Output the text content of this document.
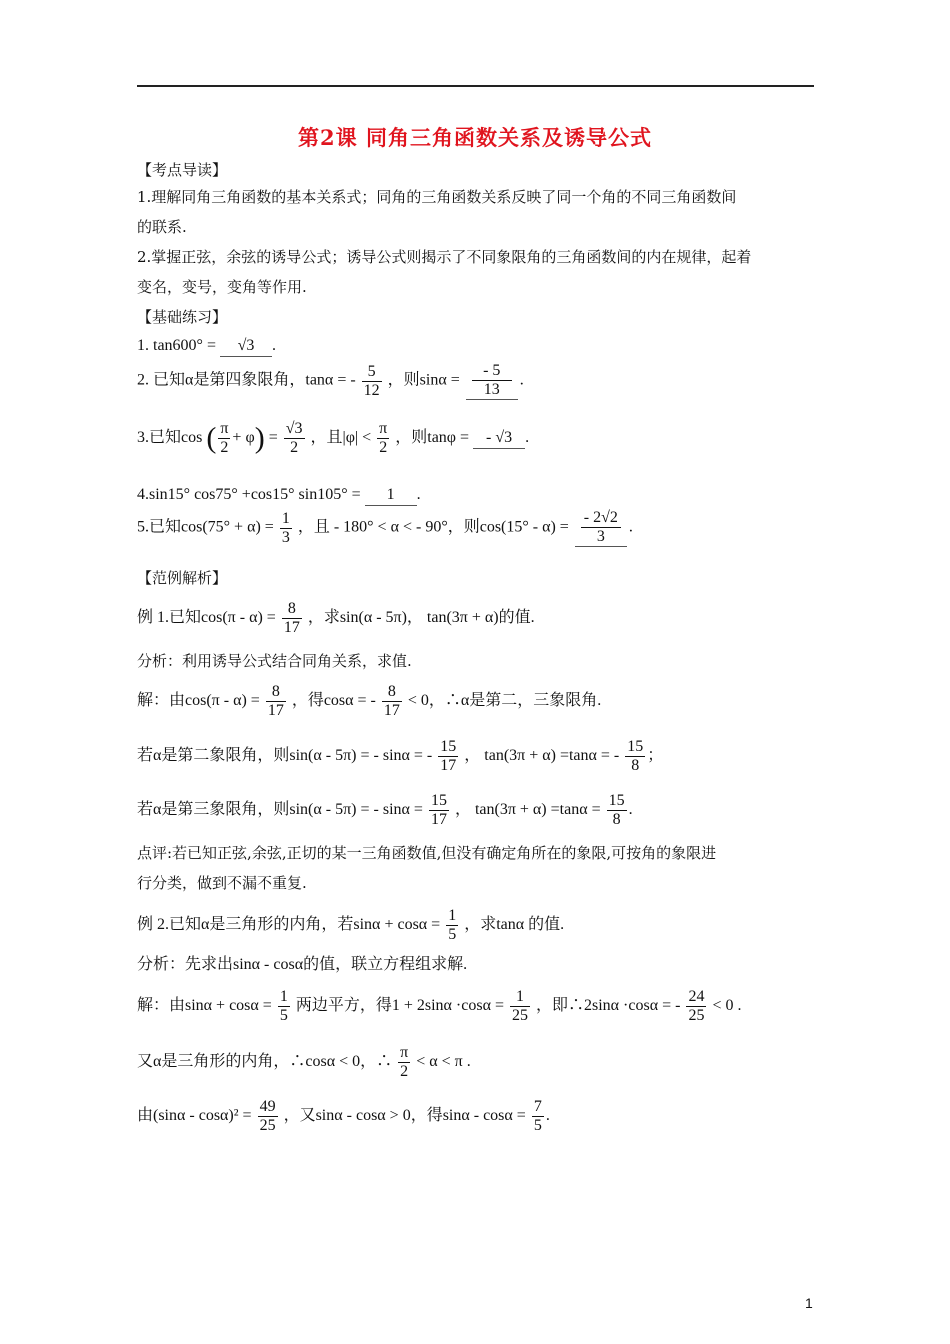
第2课 同角三角函数关系及诱导公式
【考点导读】
1.理解同角三角函数的基本关系式；同角的三角函数关系反映了同一个角的不同三角函数间
的联系.
2.掌握正弦，余弦的诱导公式；诱导公式则揭示了不同象限角的三角函数间的内在规律，起着
变名，变号，变角等作用.
【基础练习】
1. tan600° = √3 .
2. 已知α是第四象限角，tanα = - $\frac{5}{12}$ ，则$\sin\alpha = \frac{- 5}{13}$ .
3.已知cos ( $\frac{\pi}{2} + \varphi) = \frac{√3}{2}$ ，且$|\varphi| < \frac{\pi}{2}$ ，则tanφ = - √3 .
4.sin15° cos75° +cos15° sin105° = 1 .
5.已知$\cos(75^\circ + \alpha) = \frac{1}{3}$ ，且 - 180° < α < - 90°，则$\cos(15^\circ - \alpha) = \frac{- 2√2}{3}$ .
【范例解析】
例 1.已知$\cos(\pi - \alpha) = \frac{8}{17}$ ，求sin(α - 5π)， tan(3π + α)的值.
分析：利用诱导公式结合同角关系，求值.
解：由$\cos(\pi - \alpha) = \frac{8}{17}$ ，得cosα = - $\frac{8}{17} < 0$，∴α是第二，三象限角.
若α是第二象限角，则sin(α - 5π) = - sinα = - $\frac{15}{17}$ ， tan(3π + α) =tanα = - $\frac{15}{8}$ ；
若α是第三象限角，则sin(α - 5π) = - $\sin\alpha = \frac{15}{17}$ ， $\tan(3\pi + \alpha) =\tan\alpha = \frac{15}{8}$ .
点评:若已知正弦,余弦,正切的某一三角函数值,但没有确定角所在的象限,可按角的象限进
行分类，做到不漏不重复.
例 2.已知α是三角形的内角，若$\sin\alpha + \cos\alpha = \frac{1}{5}$ ，求tanα 的值.
分析：先求出sinα - cosα的值，联立方程组求解.
解：由$\sin\alpha + \cos\alpha = \frac{1}{5}$ 两边平方，得$1 + 2\sin\alpha \cdot\cos\alpha = \frac{1}{25}$ ，即∴2sinα ·cosα = - $\frac{24}{25} < 0$ .
又α是三角形的内角，∴cosα < 0，∴ $\frac{\pi}{2} < \alpha < \pi$ .
由$(\sin\alpha - \cos\alpha)^2 = \frac{49}{25}$ ，又sinα - cosα > 0，得$\sin\alpha - \cos\alpha = \frac{7}{5}$ .
1
